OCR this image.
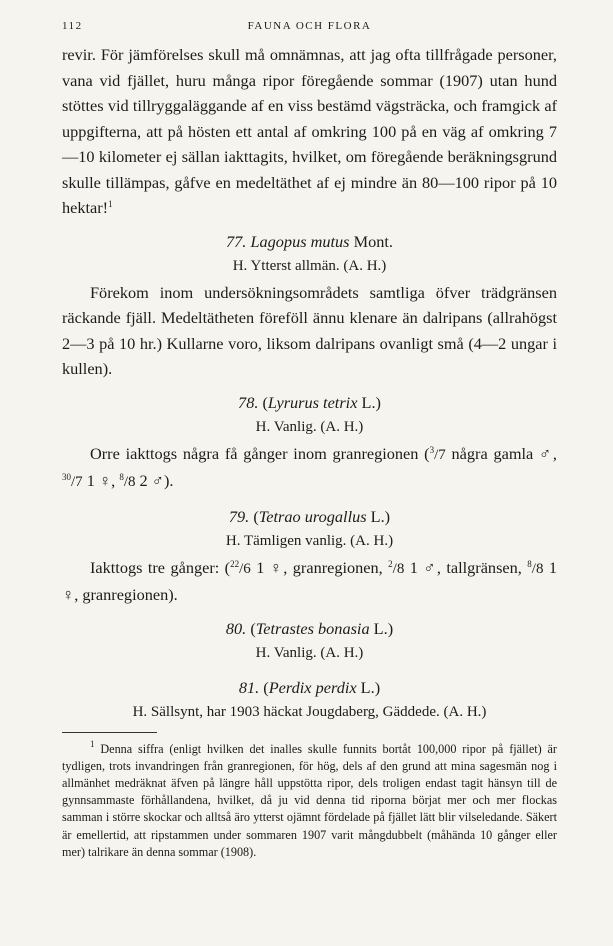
112	FAUNA OCH FLORA

revir. För jämförelses skull må omnämnas, att jag ofta tillfrågade personer, vana vid fjället, huru många ripor föregående sommar (1907) utan hund stöttes vid tillryggaläggande af en viss bestämd vägsträcka, och framgick af uppgifterna, att på hösten ett antal af omkring 100 på en väg af omkring 7—10 kilometer ej sällan iakttagits, hvilket, om föregående beräkningsgrund skulle tillämpas, gåfve en medeltäthet af ej mindre än 80—100 ripor på 10 hektar!$^1$

77. Lagopus mutus Mont.

H. Ytterst allmän. (A. H.)

Förekom inom undersökningsområdets samtliga öfver trädgränsen räckande fjäll. Medeltätheten föreföll ännu klenare än dalripans (allrahögst 2—3 på 10 hr.) Kullarne voro, liksom dalripans ovanligt små (4—2 ungar i kullen).

78. (Lyrurus tetrix L.)

H. Vanlig. (A. H.)

Orre iakttogs några få gånger inom granregionen ($^3$/7 några gamla ♂, $^{30}$/7 1 ♀, $^8$/8 2 ♂).

79. (Tetrao urogallus L.)

H. Tämligen vanlig. (A. H.)

Iakttogs tre gånger: ($^{22}$/6 1 ♀, granregionen, $^2$/8 1 ♂, tallgränsen, $^8$/8 1 ♀, granregionen).

80. (Tetrastes bonasia L.)

H. Vanlig. (A. H.)

81. (Perdix perdix L.)

H. Sällsynt, har 1903 häckat Jougdaberg, Gäddede. (A. H.)

$^1$ Denna siffra (enligt hvilken det inalles skulle funnits bortåt 100,000 ripor på fjället) är tydligen, trots invandringen från granregionen, för hög, dels af den grund att mina sagesmän nog i allmänhet medräknat äfven på längre håll uppstötta ripor, dels troligen endast tagit hänsyn till de gynnsammaste förhållandena, hvilket, då ju vid denna tid riporna börjat mer och mer flockas samman i större skockar och alltså äro ytterst ojämnt fördelade på fjället lätt blir vilseledande. Säkert är emellertid, att ripstammen under sommaren 1907 varit mångdubbelt (måhända 10 gånger eller mer) talrikare än denna sommar (1908).
